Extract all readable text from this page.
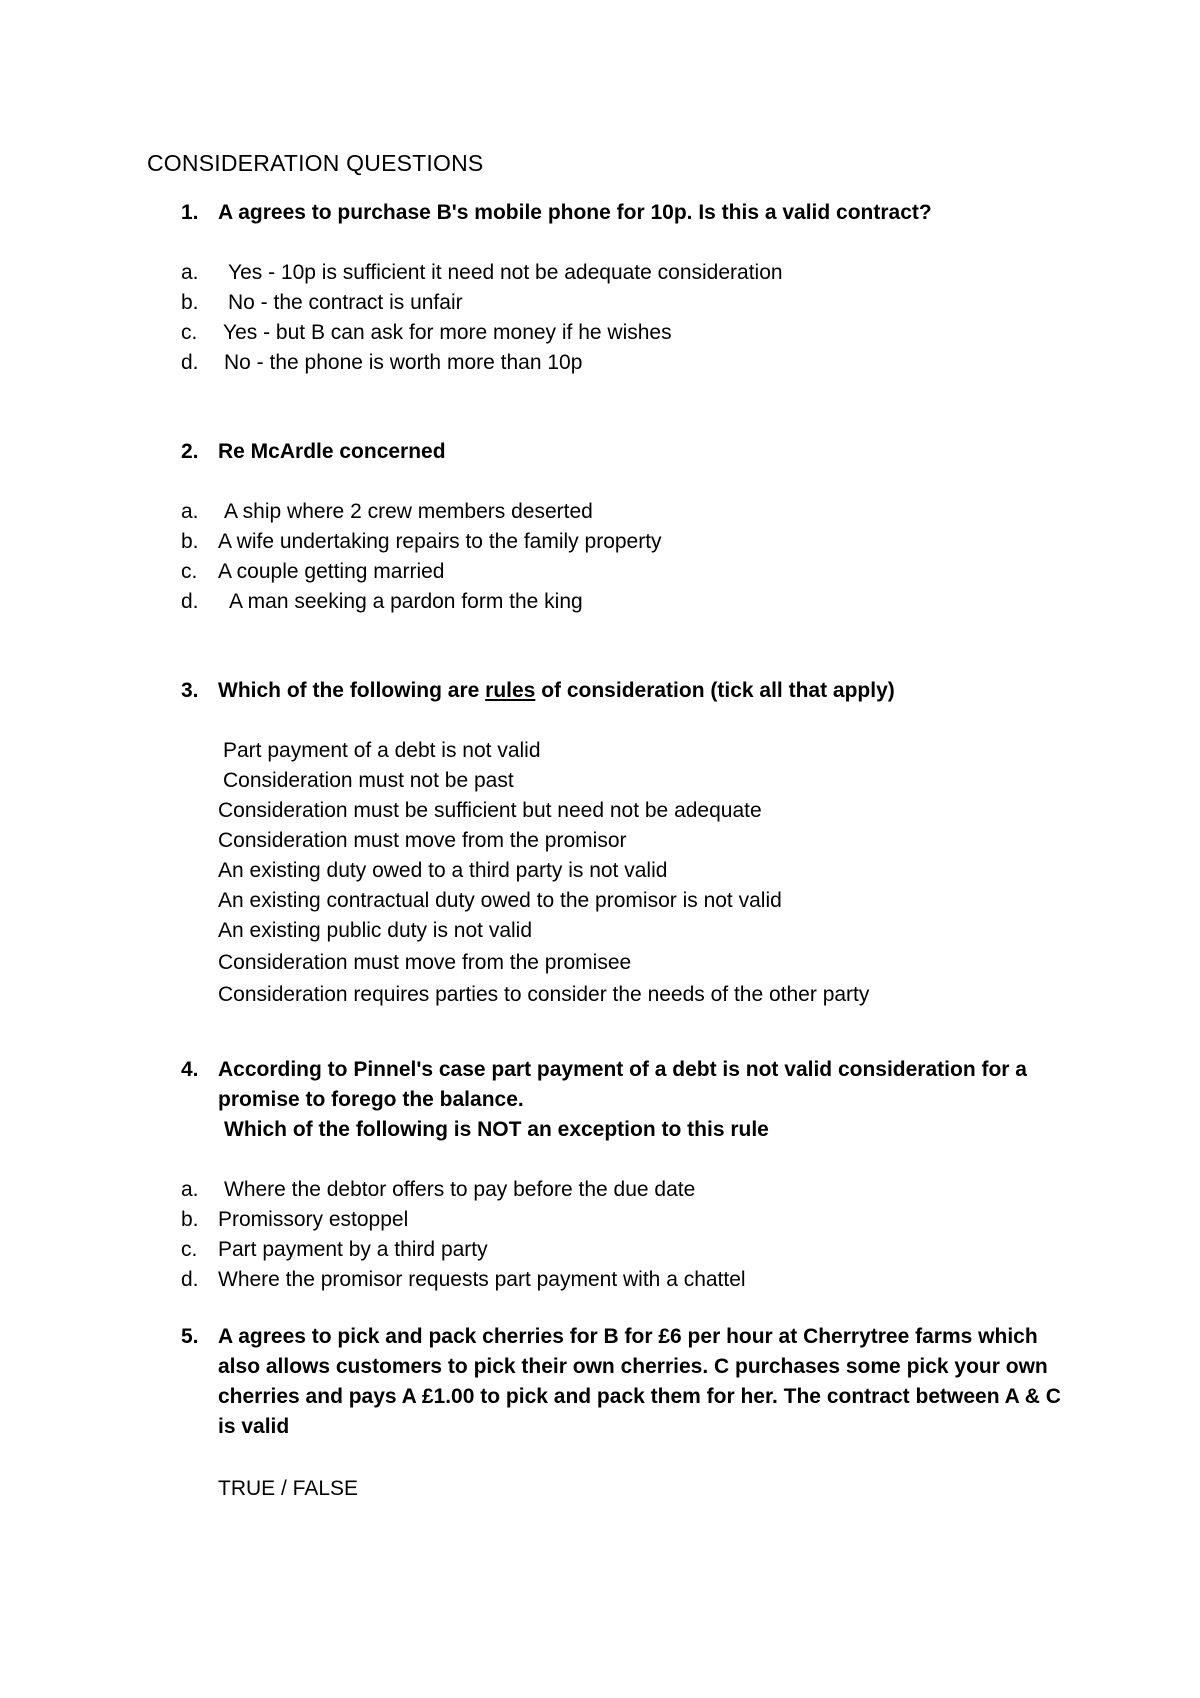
CONSIDERATION QUESTIONS
1. A agrees to purchase B's mobile phone for 10p. Is this a valid contract?
a. Yes - 10p is sufficient it need not be adequate consideration
b. No - the contract is unfair
c. Yes - but B can ask for more money if he wishes
d. No - the phone is worth more than 10p
2. Re McArdle concerned
a. A ship where 2 crew members deserted
b. A wife undertaking repairs to the family property
c. A couple getting married
d. A man seeking a pardon form the king
3. Which of the following are rules of consideration (tick all that apply)
Part payment of a debt is not valid
Consideration must not be past
Consideration must be sufficient but need not be adequate
Consideration must move from the promisor
An existing duty owed to a third party is not valid
An existing contractual duty owed to the promisor is not valid
An existing public duty is not valid
Consideration must move from the promisee
Consideration requires parties to consider the needs of the other party
4. According to Pinnel's case part payment of a debt is not valid consideration for a promise to forego the balance.
Which of the following is NOT an exception to this rule
a. Where the debtor offers to pay before the due date
b. Promissory estoppel
c. Part payment by a third party
d. Where the promisor requests part payment with a chattel
5. A agrees to pick and pack cherries for B for £6 per hour at Cherrytree farms which also allows customers to pick their own cherries. C purchases some pick your own cherries and pays A £1.00 to pick and pack them for her. The contract between A & C is valid
TRUE / FALSE
